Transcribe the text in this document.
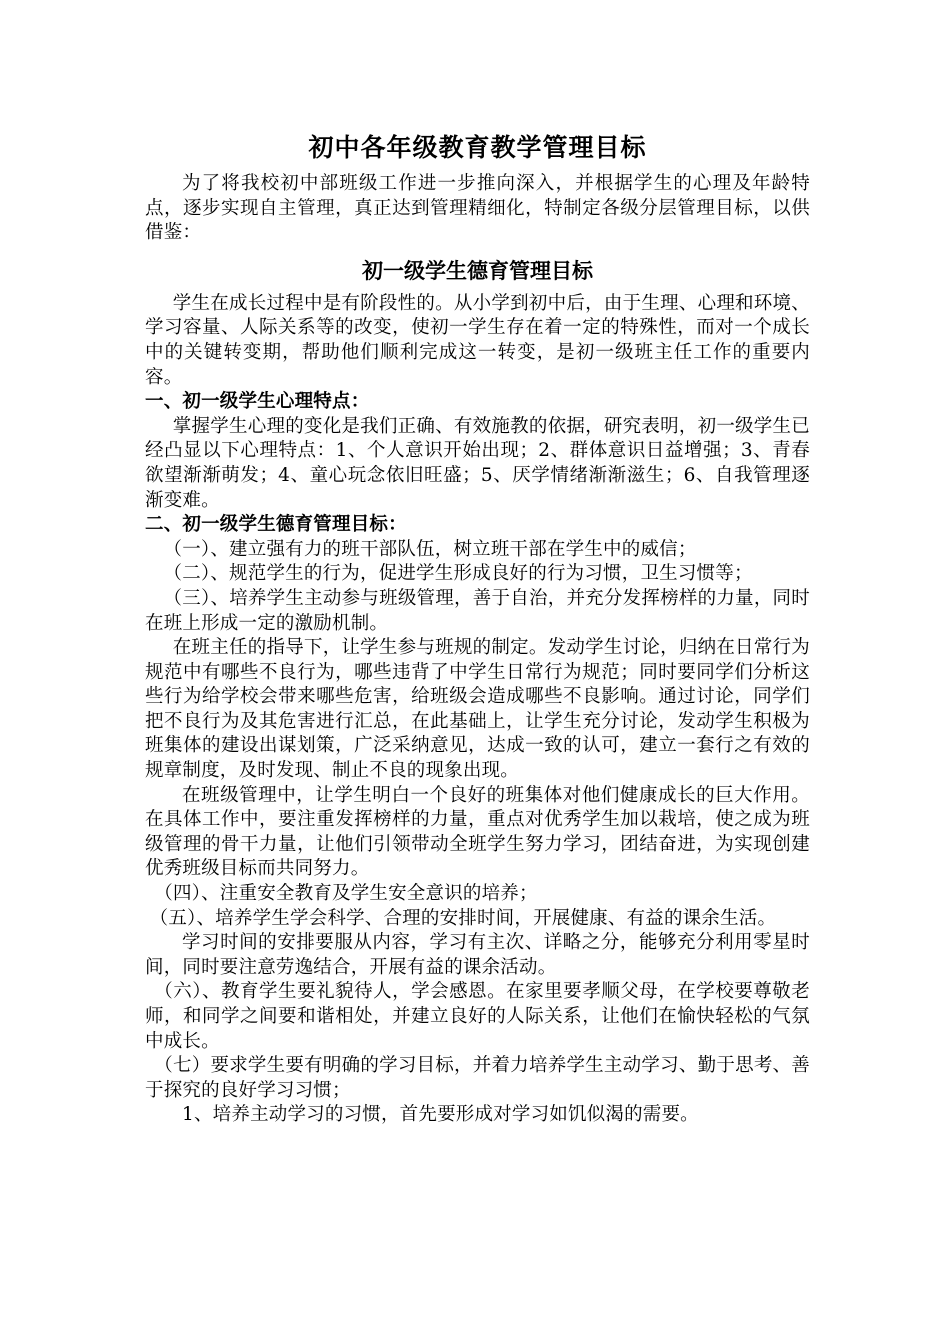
初中各年级教育教学管理目标

为了将我校初中部班级工作进一步推向深入，并根据学生的心理及年龄特点，逐步实现自主管理，真正达到管理精细化，特制定各级分层管理目标，以供借鉴：

初一级学生德育管理目标

学生在成长过程中是有阶段性的。从小学到初中后，由于生理、心理和环境、学习容量、人际关系等的改变，使初一学生存在着一定的特殊性，而对一个成长中的关键转变期，帮助他们顺利完成这一转变，是初一级班主任工作的重要内容。

一、初一级学生心理特点：

掌握学生心理的变化是我们正确、有效施教的依据，研究表明，初一级学生已经凸显以下心理特点：1、个人意识开始出现；2、群体意识日益增强；3、青春欲望渐渐萌发；4、童心玩念依旧旺盛；5、厌学情绪渐渐滋生；6、自我管理逐渐变难。

二、初一级学生德育管理目标：

（一）、建立强有力的班干部队伍，树立班干部在学生中的威信；

（二）、规范学生的行为，促进学生形成良好的行为习惯，卫生习惯等；

（三）、培养学生主动参与班级管理，善于自治，并充分发挥榜样的力量，同时在班上形成一定的激励机制。

在班主任的指导下，让学生参与班规的制定。发动学生讨论，归纳在日常行为规范中有哪些不良行为，哪些违背了中学生日常行为规范；同时要同学们分析这些行为给学校会带来哪些危害，给班级会造成哪些不良影响。通过讨论，同学们把不良行为及其危害进行汇总，在此基础上，让学生充分讨论，发动学生积极为班集体的建设出谋划策，广泛采纳意见，达成一致的认可，建立一套行之有效的规章制度，及时发现、制止不良的现象出现。

在班级管理中，让学生明白一个良好的班集体对他们健康成长的巨大作用。在具体工作中，要注重发挥榜样的力量，重点对优秀学生加以栽培，使之成为班级管理的骨干力量，让他们引领带动全班学生努力学习，团结奋进，为实现创建优秀班级目标而共同努力。

（四）、注重安全教育及学生安全意识的培养；

（五）、培养学生学会科学、合理的安排时间，开展健康、有益的课余生活。

学习时间的安排要服从内容，学习有主次、详略之分，能够充分利用零星时间，同时要注意劳逸结合，开展有益的课余活动。

（六）、教育学生要礼貌待人，学会感恩。在家里要孝顺父母，在学校要尊敬老师，和同学之间要和谐相处，并建立良好的人际关系，让他们在愉快轻松的气氛中成长。

（七）要求学生要有明确的学习目标，并着力培养学生主动学习、勤于思考、善于探究的良好学习习惯；

1、培养主动学习的习惯，首先要形成对学习如饥似渴的需要。
